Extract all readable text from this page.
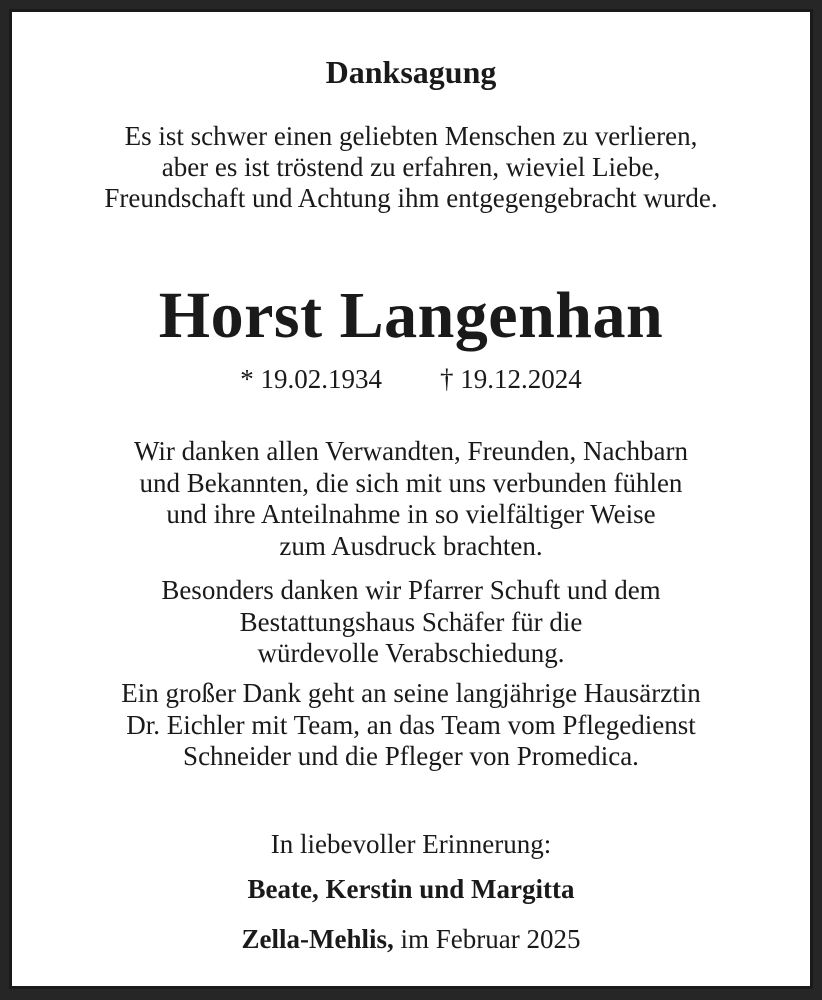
Danksagung
Es ist schwer einen geliebten Menschen zu verlieren,
aber es ist tröstend zu erfahren, wieviel Liebe,
Freundschaft und Achtung ihm entgegengebracht wurde.
Horst Langenhan
* 19.02.1934 † 19.12.2024
Wir danken allen Verwandten, Freunden, Nachbarn
und Bekannten, die sich mit uns verbunden fühlen
und ihre Anteilnahme in so vielfältiger Weise
zum Ausdruck brachten.
Besonders danken wir Pfarrer Schuft und dem
Bestattungshaus Schäfer für die
würdevolle Verabschiedung.
Ein großer Dank geht an seine langjährige Hausärztin
Dr. Eichler mit Team, an das Team vom Pflegedienst
Schneider und die Pfleger von Promedica.
In liebevoller Erinnerung:
Beate, Kerstin und Margitta
Zella-Mehlis, im Februar 2025
